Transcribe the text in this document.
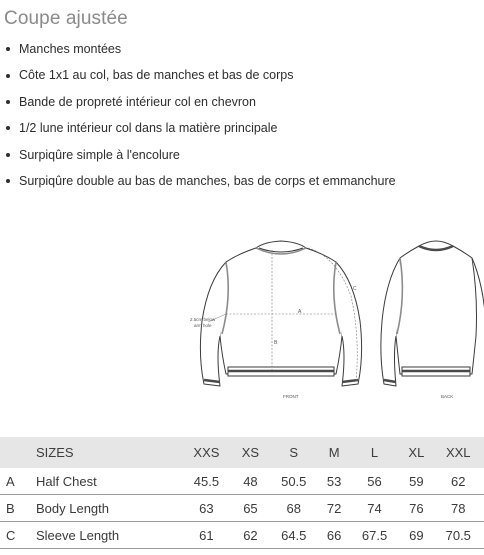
Coupe ajustée
Manches montées
Côte 1x1 au col, bas de manches et bas de corps
Bande de propreté intérieur col en chevron
1/2 lune intérieur col dans la matière principale
Surpiqûre simple à l'encolure
Surpiqûre double au bas de manches, bas de corps et emmanchure
A
B
C
2.5cm below
arm hole
FRONT	BACK
	SIZES	XXS	XS	S	M	L	XL	XXL
A	Half Chest	45.5	48	50.5	53	56	59	62
B	Body Length	63	65	68	72	74	76	78
C	Sleeve Length	61	62	64.5	66	67.5	69	70.5
